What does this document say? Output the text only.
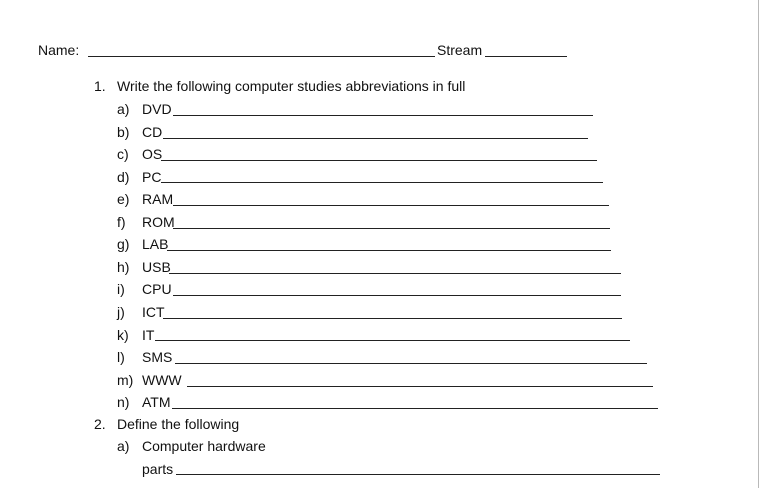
Name:	Stream
1. Write the following computer studies abbreviations in full
a) DVD
b) CD
c) OS
d) PC
e) RAM
f) ROM
g) LAB
h) USB
i) CPU
j) ICT
k) IT
l) SMS
m) WWW
n) ATM
2. Define the following
a) Computer hardware
parts
